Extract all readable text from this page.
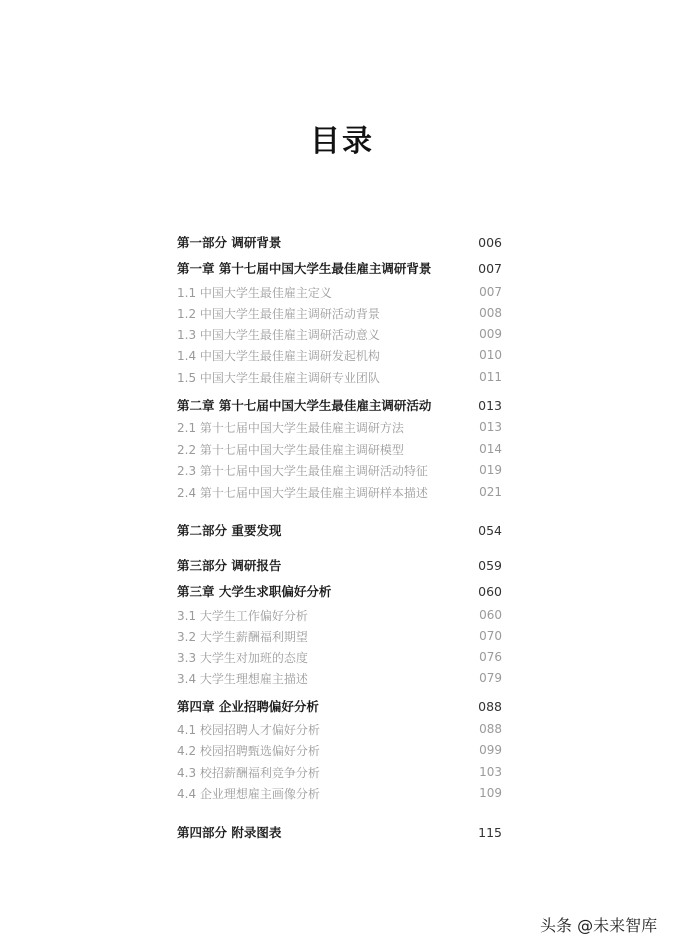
目录
第一部分 调研背景	006
第一章 第十七届中国大学生最佳雇主调研背景	007
1.1 中国大学生最佳雇主定义	007
1.2 中国大学生最佳雇主调研活动背景	008
1.3 中国大学生最佳雇主调研活动意义	009
1.4 中国大学生最佳雇主调研发起机构	010
1.5 中国大学生最佳雇主调研专业团队	011
第二章 第十七届中国大学生最佳雇主调研活动	013
2.1 第十七届中国大学生最佳雇主调研方法	013
2.2 第十七届中国大学生最佳雇主调研模型	014
2.3 第十七届中国大学生最佳雇主调研活动特征	019
2.4 第十七届中国大学生最佳雇主调研样本描述	021
第二部分 重要发现	054
第三部分 调研报告	059
第三章 大学生求职偏好分析	060
3.1 大学生工作偏好分析	060
3.2 大学生薪酬福利期望	070
3.3 大学生对加班的态度	076
3.4 大学生理想雇主描述	079
第四章 企业招聘偏好分析	088
4.1 校园招聘人才偏好分析	088
4.2 校园招聘甄选偏好分析	099
4.3 校招薪酬福利竞争分析	103
4.4 企业理想雇主画像分析	109
第四部分 附录图表	115
头条 @未来智库
